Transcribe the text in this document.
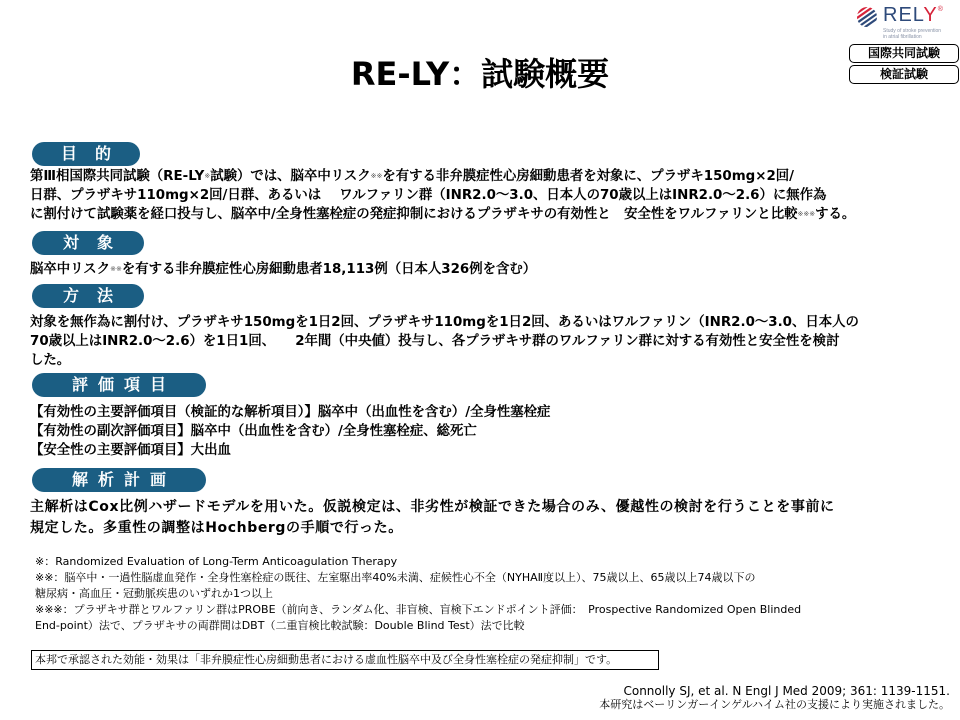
RELY®
Study of stroke prevention
in atrial fibrillation
国際共同試験
検証試験
RE-LY：試験概要
目的
第Ⅲ相国際共同試験（RE-LY※試験）では、脳卒中リスク※※を有する非弁膜症性心房細動患者を対象に、プラザキ150mg×2回/
日群、プラザキサ110mg×2回/日群、あるいは　 ワルファリン群（INR2.0～3.0、日本人の70歳以上はINR2.0～2.6）に無作為
に割付けて試験薬を経口投与し、脳卒中/全身性塞栓症の発症抑制におけるプラザキサの有効性と　安全性をワルファリンと比較※※※する。
対象
脳卒中リスク※※を有する非弁膜症性心房細動患者18,113例（日本人326例を含む）
方法
対象を無作為に割付け、プラザキサ150mgを1日2回、プラザキサ110mgを1日2回、あるいはワルファリン（INR2.0～3.0、日本人の
70歳以上はINR2.0～2.6）を1日1回、　　2年間（中央値）投与し、各プラザキサ群のワルファリン群に対する有効性と安全性を検討
した。
評価項目
【有効性の主要評価項目（検証的な解析項目）】脳卒中（出血性を含む）/全身性塞栓症
【有効性の副次評価項目】脳卒中（出血性を含む）/全身性塞栓症、総死亡
【安全性の主要評価項目】大出血
解析計画
主解析はCox比例ハザードモデルを用いた。仮説検定は、非劣性が検証できた場合のみ、優越性の検討を行うことを事前に
規定した。多重性の調整はHochbergの手順で行った。
※：Randomized Evaluation of Long-Term Anticoagulation Therapy
※※：脳卒中・一過性脳虚血発作・全身性塞栓症の既往、左室駆出率40%未満、症候性心不全（NYHAⅡ度以上）、75歳以上、65歳以上74歳以下の
糖尿病・高血圧・冠動脈疾患のいずれか1つ以上
※※※：プラザキサ群とワルファリン群はPROBE（前向き、ランダム化、非盲検、盲検下エンドポイント評価：　Prospective Randomized Open Blinded
End-point）法で、プラザキサの両群間はDBT（二重盲検比較試験：Double Blind Test）法で比較
本邦で承認された効能・効果は「非弁膜症性心房細動患者における虚血性脳卒中及び全身性塞栓症の発症抑制」です。
Connolly SJ, et al. N Engl J Med 2009; 361: 1139-1151.
本研究はベーリンガーインゲルハイム社の支援により実施されました。
